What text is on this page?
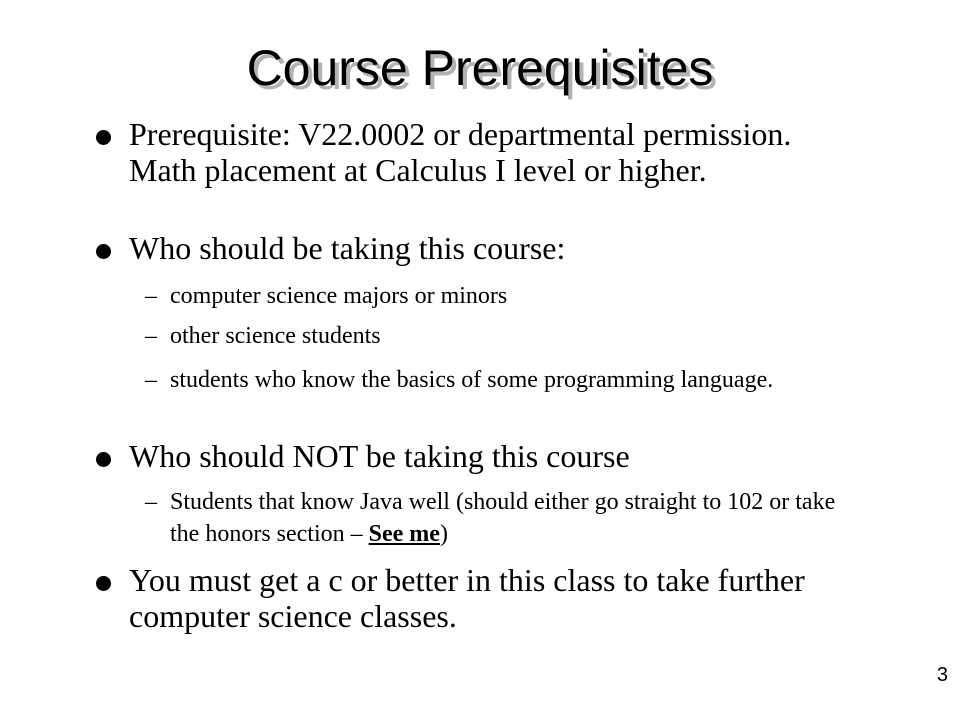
Course Prerequisites

Prerequisite: V22.0002 or departmental permission. Math placement at Calculus I level or higher.

Who should be taking this course:

– computer science majors or minors

– other science students

– students who know the basics of some programming language.

Who should NOT be taking this course

– Students that know Java well (should either go straight to 102 or take the honors section – See me)

You must get a c or better in this class to take further computer science classes.

3
